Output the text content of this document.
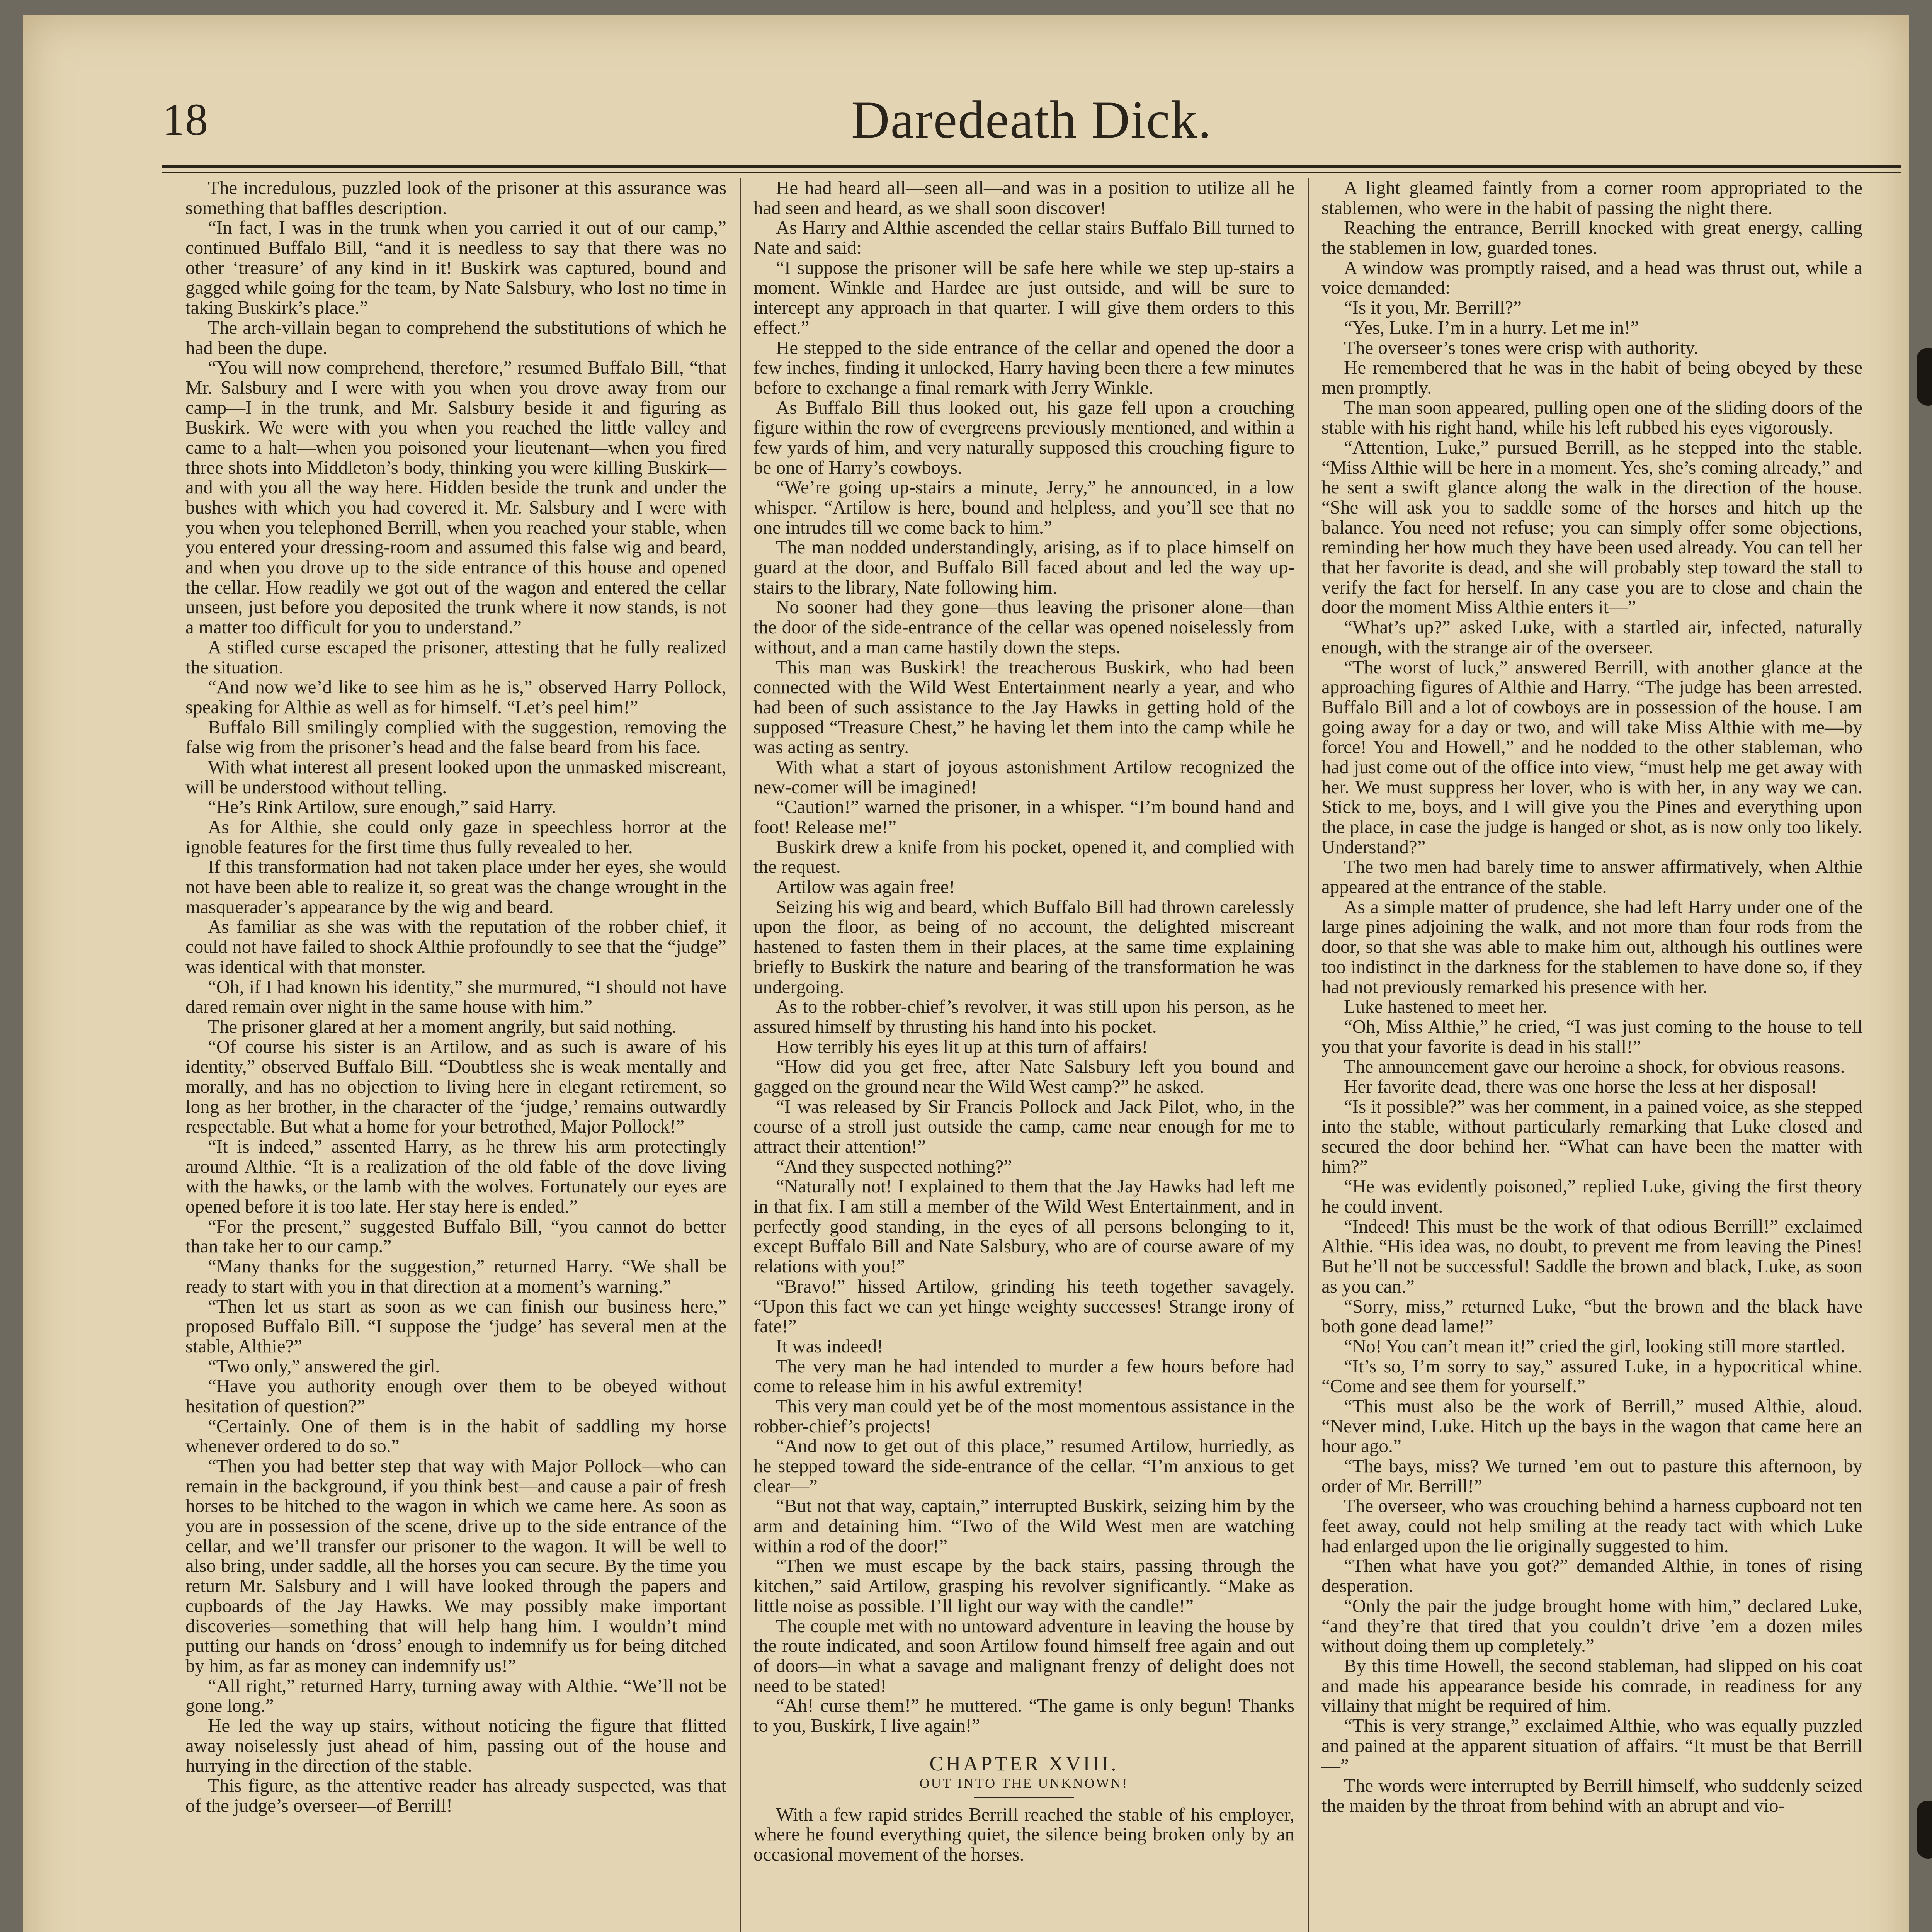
18	Daredeath Dick.

The incredulous, puzzled look of the prisoner at this assurance was something that baffles description.

“In fact, I was in the trunk when you carried it out of our camp,” continued Buffalo Bill, “and it is needless to say that there was no other ‘treasure’ of any kind in it! Buskirk was captured, bound and gagged while going for the team, by Nate Salsbury, who lost no time in taking Buskirk’s place.”

The arch-villain began to comprehend the substitutions of which he had been the dupe.

“You will now comprehend, therefore,” resumed Buffalo Bill, “that Mr. Salsbury and I were with you when you drove away from our camp—I in the trunk, and Mr. Salsbury beside it and figuring as Buskirk. We were with you when you reached the little valley and came to a halt—when you poisoned your lieutenant—when you fired three shots into Middleton’s body, thinking you were killing Buskirk—and with you all the way here. Hidden beside the trunk and under the bushes with which you had covered it. Mr. Salsbury and I were with you when you telephoned Berrill, when you reached your stable, when you entered your dressing-room and assumed this false wig and beard, and when you drove up to the side entrance of this house and opened the cellar. How readily we got out of the wagon and entered the cellar unseen, just before you deposited the trunk where it now stands, is not a matter too difficult for you to understand.”

A stifled curse escaped the prisoner, attesting that he fully realized the situation.

“And now we’d like to see him as he is,” observed Harry Pollock, speaking for Althie as well as for himself. “Let’s peel him!”

Buffalo Bill smilingly complied with the suggestion, removing the false wig from the prisoner’s head and the false beard from his face.

With what interest all present looked upon the unmasked miscreant, will be understood without telling.

“He’s Rink Artilow, sure enough,” said Harry.

As for Althie, she could only gaze in speechless horror at the ignoble features for the first time thus fully revealed to her.

If this transformation had not taken place under her eyes, she would not have been able to realize it, so great was the change wrought in the masquerader’s appearance by the wig and beard.

As familiar as she was with the reputation of the robber chief, it could not have failed to shock Althie profoundly to see that the “judge” was identical with that monster.

“Oh, if I had known his identity,” she murmured, “I should not have dared remain over night in the same house with him.”

The prisoner glared at her a moment angrily, but said nothing.

“Of course his sister is an Artilow, and as such is aware of his identity,” observed Buffalo Bill. “Doubtless she is weak mentally and morally, and has no objection to living here in elegant retirement, so long as her brother, in the character of the ‘judge,’ remains outwardly respectable. But what a home for your betrothed, Major Pollock!”

“It is indeed,” assented Harry, as he threw his arm protectingly around Althie. “It is a realization of the old fable of the dove living with the hawks, or the lamb with the wolves. Fortunately our eyes are opened before it is too late. Her stay here is ended.”

“For the present,” suggested Buffalo Bill, “you cannot do better than take her to our camp.”

“Many thanks for the suggestion,” returned Harry. “We shall be ready to start with you in that direction at a moment’s warning.”

“Then let us start as soon as we can finish our business here,” proposed Buffalo Bill. “I suppose the ‘judge’ has several men at the stable, Althie?”

“Two only,” answered the girl.

“Have you authority enough over them to be obeyed without hesitation of question?”

“Certainly. One of them is in the habit of saddling my horse whenever ordered to do so.”

“Then you had better step that way with Major Pollock—who can remain in the background, if you think best—and cause a pair of fresh horses to be hitched to the wagon in which we came here. As soon as you are in possession of the scene, drive up to the side entrance of the cellar, and we’ll transfer our prisoner to the wagon. It will be well to also bring, under saddle, all the horses you can secure. By the time you return Mr. Salsbury and I will have looked through the papers and cupboards of the Jay Hawks. We may possibly make important discoveries—something that will help hang him. I wouldn’t mind putting our hands on ‘dross’ enough to indemnify us for being ditched by him, as far as money can indemnify us!”

“All right,” returned Harry, turning away with Althie. “We’ll not be gone long.”

He led the way up stairs, without noticing the figure that flitted away noiselessly just ahead of him, passing out of the house and hurrying in the direction of the stable.

This figure, as the attentive reader has already suspected, was that of the judge’s overseer—of Berrill!

He had heard all—seen all—and was in a position to utilize all he had seen and heard, as we shall soon discover!

As Harry and Althie ascended the cellar stairs Buffalo Bill turned to Nate and said:

“I suppose the prisoner will be safe here while we step up-stairs a moment. Winkle and Hardee are just outside, and will be sure to intercept any approach in that quarter. I will give them orders to this effect.”

He stepped to the side entrance of the cellar and opened the door a few inches, finding it unlocked, Harry having been there a few minutes before to exchange a final remark with Jerry Winkle.

As Buffalo Bill thus looked out, his gaze fell upon a crouching figure within the row of evergreens previously mentioned, and within a few yards of him, and very naturally supposed this crouching figure to be one of Harry’s cowboys.

“We’re going up-stairs a minute, Jerry,” he announced, in a low whisper. “Artilow is here, bound and helpless, and you’ll see that no one intrudes till we come back to him.”

The man nodded understandingly, arising, as if to place himself on guard at the door, and Buffalo Bill faced about and led the way up-stairs to the library, Nate following him.

No sooner had they gone—thus leaving the prisoner alone—than the door of the side-entrance of the cellar was opened noiselessly from without, and a man came hastily down the steps.

This man was Buskirk! the treacherous Buskirk, who had been connected with the Wild West Entertainment nearly a year, and who had been of such assistance to the Jay Hawks in getting hold of the supposed “Treasure Chest,” he having let them into the camp while he was acting as sentry.

With what a start of joyous astonishment Artilow recognized the new-comer will be imagined!

“Caution!” warned the prisoner, in a whisper. “I’m bound hand and foot! Release me!”

Buskirk drew a knife from his pocket, opened it, and complied with the request.

Artilow was again free!

Seizing his wig and beard, which Buffalo Bill had thrown carelessly upon the floor, as being of no account, the delighted miscreant hastened to fasten them in their places, at the same time explaining briefly to Buskirk the nature and bearing of the transformation he was undergoing.

As to the robber-chief’s revolver, it was still upon his person, as he assured himself by thrusting his hand into his pocket.

How terribly his eyes lit up at this turn of affairs!

“How did you get free, after Nate Salsbury left you bound and gagged on the ground near the Wild West camp?” he asked.

“I was released by Sir Francis Pollock and Jack Pilot, who, in the course of a stroll just outside the camp, came near enough for me to attract their attention!”

“And they suspected nothing?”

“Naturally not! I explained to them that the Jay Hawks had left me in that fix. I am still a member of the Wild West Entertainment, and in perfectly good standing, in the eyes of all persons belonging to it, except Buffalo Bill and Nate Salsbury, who are of course aware of my relations with you!”

“Bravo!” hissed Artilow, grinding his teeth together savagely. “Upon this fact we can yet hinge weighty successes! Strange irony of fate!”

It was indeed!

The very man he had intended to murder a few hours before had come to release him in his awful extremity!

This very man could yet be of the most momentous assistance in the robber-chief’s projects!

“And now to get out of this place,” resumed Artilow, hurriedly, as he stepped toward the side-entrance of the cellar. “I’m anxious to get clear—”

“But not that way, captain,” interrupted Buskirk, seizing him by the arm and detaining him. “Two of the Wild West men are watching within a rod of the door!”

“Then we must escape by the back stairs, passing through the kitchen,” said Artilow, grasping his revolver significantly. “Make as little noise as possible. I’ll light our way with the candle!”

The couple met with no untoward adventure in leaving the house by the route indicated, and soon Artilow found himself free again and out of doors—in what a savage and malignant frenzy of delight does not need to be stated!

“Ah! curse them!” he muttered. “The game is only begun! Thanks to you, Buskirk, I live again!”

CHAPTER XVIII.
OUT INTO THE UNKNOWN!

With a few rapid strides Berrill reached the stable of his employer, where he found everything quiet, the silence being broken only by an occasional movement of the horses.

A light gleamed faintly from a corner room appropriated to the stablemen, who were in the habit of passing the night there.

Reaching the entrance, Berrill knocked with great energy, calling the stablemen in low, guarded tones.

A window was promptly raised, and a head was thrust out, while a voice demanded:

“Is it you, Mr. Berrill?”

“Yes, Luke. I’m in a hurry. Let me in!”

The overseer’s tones were crisp with authority.

He remembered that he was in the habit of being obeyed by these men promptly.

The man soon appeared, pulling open one of the sliding doors of the stable with his right hand, while his left rubbed his eyes vigorously.

“Attention, Luke,” pursued Berrill, as he stepped into the stable. “Miss Althie will be here in a moment. Yes, she’s coming already,” and he sent a swift glance along the walk in the direction of the house. “She will ask you to saddle some of the horses and hitch up the balance. You need not refuse; you can simply offer some objections, reminding her how much they have been used already. You can tell her that her favorite is dead, and she will probably step toward the stall to verify the fact for herself. In any case you are to close and chain the door the moment Miss Althie enters it—”

“What’s up?” asked Luke, with a startled air, infected, naturally enough, with the strange air of the overseer.

“The worst of luck,” answered Berrill, with another glance at the approaching figures of Althie and Harry. “The judge has been arrested. Buffalo Bill and a lot of cowboys are in possession of the house. I am going away for a day or two, and will take Miss Althie with me—by force! You and Howell,” and he nodded to the other stableman, who had just come out of the office into view, “must help me get away with her. We must suppress her lover, who is with her, in any way we can. Stick to me, boys, and I will give you the Pines and everything upon the place, in case the judge is hanged or shot, as is now only too likely. Understand?”

The two men had barely time to answer affirmatively, when Althie appeared at the entrance of the stable.

As a simple matter of prudence, she had left Harry under one of the large pines adjoining the walk, and not more than four rods from the door, so that she was able to make him out, although his outlines were too indistinct in the darkness for the stablemen to have done so, if they had not previously remarked his presence with her.

Luke hastened to meet her.

“Oh, Miss Althie,” he cried, “I was just coming to the house to tell you that your favorite is dead in his stall!”

The announcement gave our heroine a shock, for obvious reasons.

Her favorite dead, there was one horse the less at her disposal!

“Is it possible?” was her comment, in a pained voice, as she stepped into the stable, without particularly remarking that Luke closed and secured the door behind her. “What can have been the matter with him?”

“He was evidently poisoned,” replied Luke, giving the first theory he could invent.

“Indeed! This must be the work of that odious Berrill!” exclaimed Althie. “His idea was, no doubt, to prevent me from leaving the Pines! But he’ll not be successful! Saddle the brown and black, Luke, as soon as you can.”

“Sorry, miss,” returned Luke, “but the brown and the black have both gone dead lame!”

“No! You can’t mean it!” cried the girl, looking still more startled.

“It’s so, I’m sorry to say,” assured Luke, in a hypocritical whine. “Come and see them for yourself.”

“This must also be the work of Berrill,” mused Althie, aloud. “Never mind, Luke. Hitch up the bays in the wagon that came here an hour ago.”

“The bays, miss? We turned ’em out to pasture this afternoon, by order of Mr. Berrill!”

The overseer, who was crouching behind a harness cupboard not ten feet away, could not help smiling at the ready tact with which Luke had enlarged upon the lie originally suggested to him.

“Then what have you got?” demanded Althie, in tones of rising desperation.

“Only the pair the judge brought home with him,” declared Luke, “and they’re that tired that you couldn’t drive ’em a dozen miles without doing them up completely.”

By this time Howell, the second stableman, had slipped on his coat and made his appearance beside his comrade, in readiness for any villainy that might be required of him.

“This is very strange,” exclaimed Althie, who was equally puzzled and pained at the apparent situation of affairs. “It must be that Berrill—”

The words were interrupted by Berrill himself, who suddenly seized the maiden by the throat from behind with an abrupt and vio-
